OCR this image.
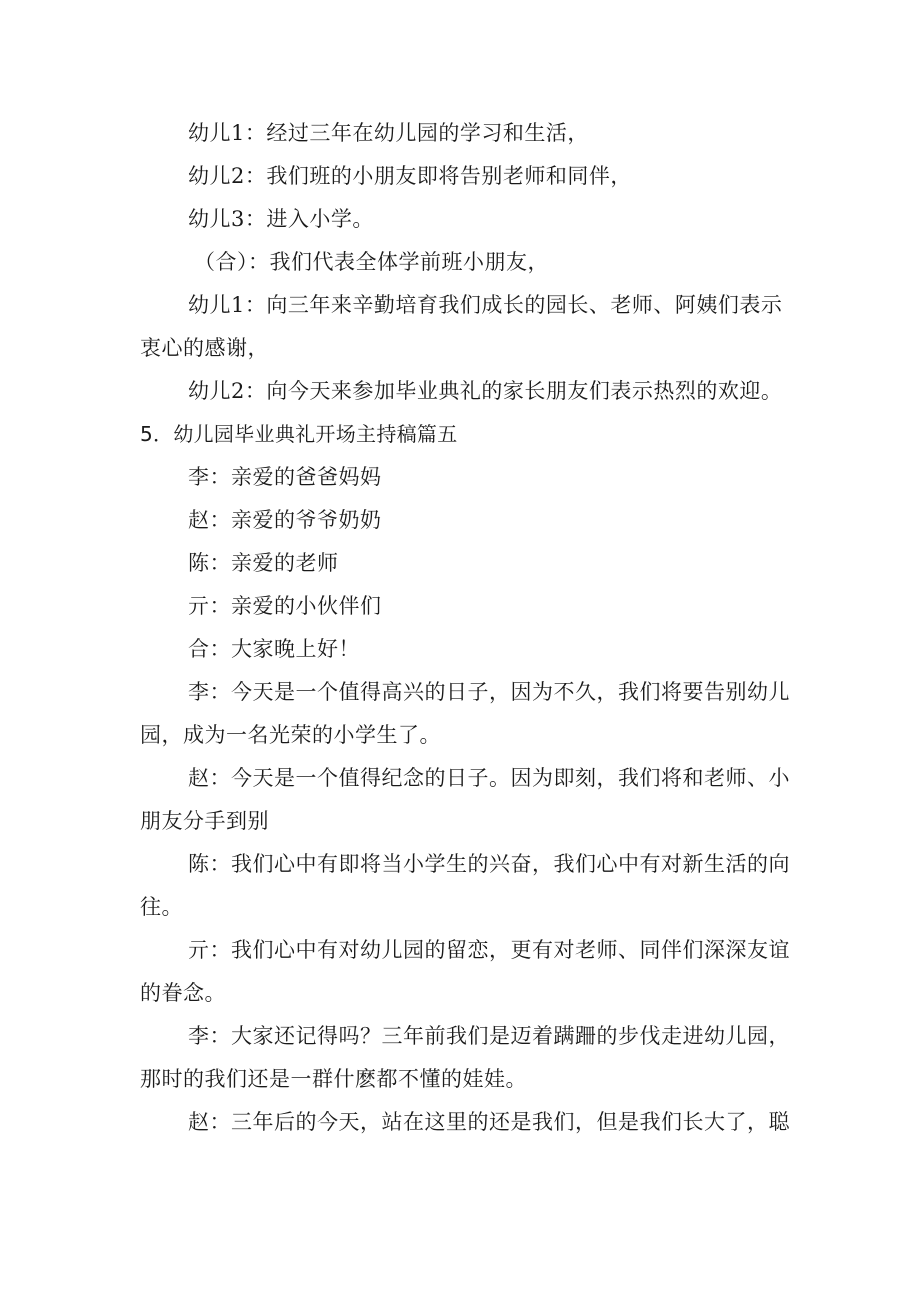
幼儿1：经过三年在幼儿园的学习和生活，
幼儿2：我们班的小朋友即将告别老师和同伴，
幼儿3：进入小学。
（合）：我们代表全体学前班小朋友，
幼儿1：向三年来辛勤培育我们成长的园长、老师、阿姨们表示
衷心的感谢，
幼儿2：向今天来参加毕业典礼的家长朋友们表示热烈的欢迎。
5．幼儿园毕业典礼开场主持稿篇五
李：亲爱的爸爸妈妈
赵：亲爱的爷爷奶奶
陈：亲爱的老师
亓：亲爱的小伙伴们
合：大家晚上好！
李：今天是一个值得高兴的日子，因为不久，我们将要告别幼儿
园，成为一名光荣的小学生了。
赵：今天是一个值得纪念的日子。因为即刻，我们将和老师、小
朋友分手到别
陈：我们心中有即将当小学生的兴奋，我们心中有对新生活的向
往。
亓：我们心中有对幼儿园的留恋，更有对老师、同伴们深深友谊
的眷念。
李：大家还记得吗？三年前我们是迈着蹒跚的步伐走进幼儿园，
那时的我们还是一群什麽都不懂的娃娃。
赵：三年后的今天，站在这里的还是我们，但是我们长大了，聪
